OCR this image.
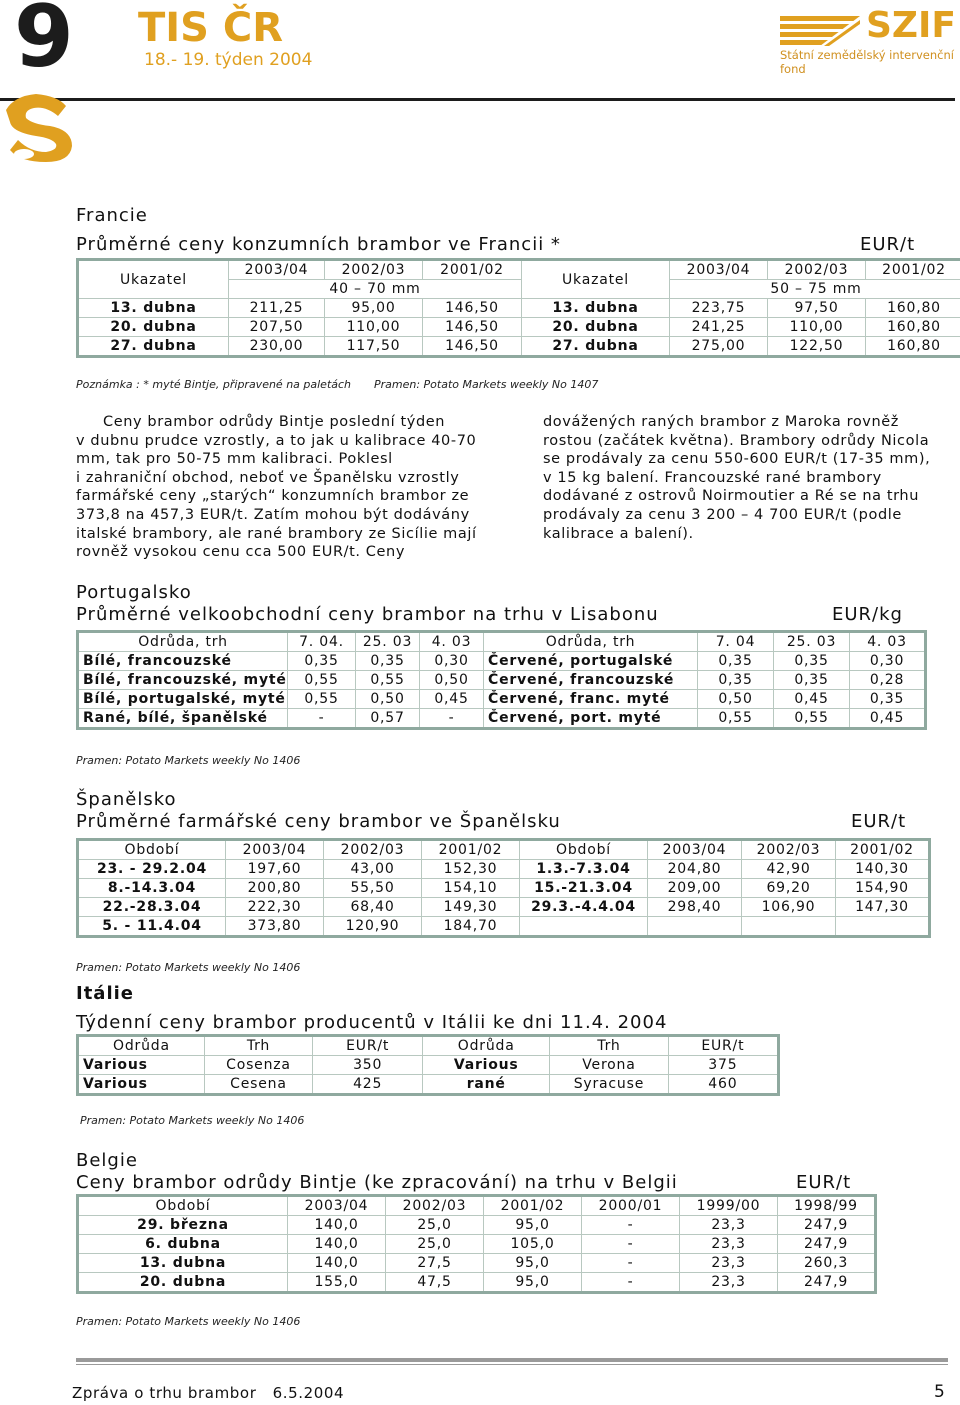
9 TIS ČR
18.- 19. týden 2004
SZIF
Státní zemědělský intervenční fond
Francie
Průměrné ceny konzumních brambor ve Francii *	EUR/t
Ukazatel	2003/04	2002/03	2001/02	Ukazatel	2003/04	2002/03	2001/02
	40 – 70 mm				50 – 75 mm		
13. dubna	211,25	95,00	146,50	13. dubna	223,75	97,50	160,80
20. dubna	207,50	110,00	146,50	20. dubna	241,25	110,00	160,80
27. dubna	230,00	117,50	146,50	27. dubna	275,00	122,50	160,80
Poznámka : * myté Bintje, připravené na paletách Pramen: Potato Markets weekly No 1407
Ceny brambor odrůdy Bintje poslední týden
v dubnu prudce vzrostly, a to jak u kalibrace 40-70
mm, tak pro 50-75 mm kalibraci. Poklesl
i zahraniční obchod, neboť ve Španělsku vzrostly
farmářské ceny „starých“ konzumních brambor ze
373,8 na 457,3 EUR/t. Zatím mohou být dodávány
italské brambory, ale rané brambory ze Sicílie mají
rovněž vysokou cenu cca 500 EUR/t. Ceny
dovážených raných brambor z Maroka rovněž
rostou (začátek května). Brambory odrůdy Nicola
se prodávaly za cenu 550-600 EUR/t (17-35 mm),
v 15 kg balení. Francouzské rané brambory
dodávané z ostrovů Noirmoutier a Ré se na trhu
prodávaly za cenu 3 200 – 4 700 EUR/t (podle
kalibrace a balení).
Portugalsko
Průměrné velkoobchodní ceny brambor na trhu v Lisabonu	EUR/kg
Odrůda, trh	7. 04.	25. 03	4. 03	Odrůda, trh	7. 04	25. 03	4. 03
Bílé, francouzské	0,35	0,35	0,30	Červené, portugalské	0,35	0,35	0,30
Bílé, francouzské, myté	0,55	0,55	0,50	Červené, francouzské	0,35	0,35	0,28
Bílé, portugalské, myté	0,55	0,50	0,45	Červené, franc. myté	0,50	0,45	0,35
Rané, bílé, španělské	-	0,57	-	Červené, port. myté	0,55	0,55	0,45
Pramen: Potato Markets weekly No 1406
Španělsko
Průměrné farmářské ceny brambor ve Španělsku	EUR/t
Období	2003/04	2002/03	2001/02	Období	2003/04	2002/03	2001/02
23. - 29.2.04	197,60	43,00	152,30	1.3.-7.3.04	204,80	42,90	140,30
8.-14.3.04	200,80	55,50	154,10	15.-21.3.04	209,00	69,20	154,90
22.-28.3.04	222,30	68,40	149,30	29.3.-4.4.04	298,40	106,90	147,30
5. - 11.4.04	373,80	120,90	184,70				
Pramen: Potato Markets weekly No 1406
Itálie
Týdenní ceny brambor producentů v Itálii ke dni 11.4. 2004
Odrůda	Trh	EUR/t	Odrůda	Trh	EUR/t
Various	Cosenza	350	Various	Verona	375
Various	Cesena	425	rané	Syracuse	460
Pramen: Potato Markets weekly No 1406
Belgie
Ceny brambor odrůdy Bintje (ke zpracování) na trhu v Belgii	EUR/t
Období	2003/04	2002/03	2001/02	2000/01	1999/00	1998/99
29. března	140,0	25,0	95,0	-	23,3	247,9
6. dubna	140,0	25,0	105,0	-	23,3	247,9
13. dubna	140,0	27,5	95,0	-	23,3	260,3
20. dubna	155,0	47,5	95,0	-	23,3	247,9
Pramen: Potato Markets weekly No 1406
Zpráva o trhu brambor   6.5.2004	5
